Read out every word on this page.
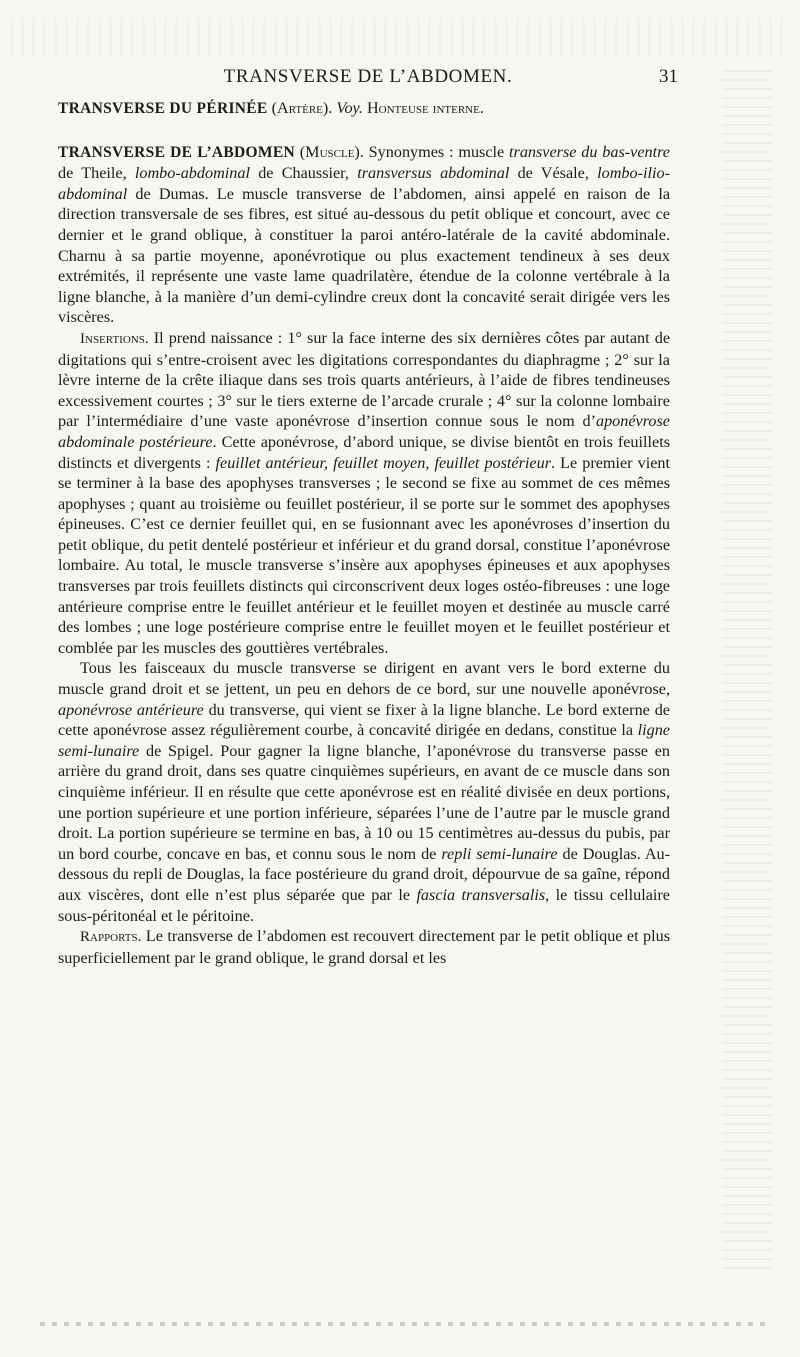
TRANSVERSE DE L’ABDOMEN.	31

TRANSVERSE DU PÉRINÉE (Artère). Voy. Honteuse interne.

TRANSVERSE DE L’ABDOMEN (Muscle). Synonymes : muscle transverse du bas-ventre de Theile, lombo-abdominal de Chaussier, transversus abdominal de Vésale, lombo-ilio-abdominal de Dumas. Le muscle transverse de l’abdomen, ainsi appelé en raison de la direction transversale de ses fibres, est situé au-dessous du petit oblique et concourt, avec ce dernier et le grand oblique, à constituer la paroi antéro-latérale de la cavité abdominale. Charnu à sa partie moyenne, aponévrotique ou plus exactement tendineux à ses deux extrémités, il représente une vaste lame quadrilatère, étendue de la colonne vertébrale à la ligne blanche, à la manière d’un demi-cylindre creux dont la concavité serait dirigée vers les viscères.

Insertions. Il prend naissance : 1° sur la face interne des six dernières côtes par autant de digitations qui s’entre-croisent avec les digitations correspondantes du diaphragme ; 2° sur la lèvre interne de la crête iliaque dans ses trois quarts antérieurs, à l’aide de fibres tendineuses excessivement courtes ; 3° sur le tiers externe de l’arcade crurale ; 4° sur la colonne lombaire par l’intermédiaire d’une vaste aponévrose d’insertion connue sous le nom d’aponévrose abdominale postérieure. Cette aponévrose, d’abord unique, se divise bientôt en trois feuillets distincts et divergents : feuillet antérieur, feuillet moyen, feuillet postérieur. Le premier vient se terminer à la base des apophyses transverses ; le second se fixe au sommet de ces mêmes apophyses ; quant au troisième ou feuillet postérieur, il se porte sur le sommet des apophyses épineuses. C’est ce dernier feuillet qui, en se fusionnant avec les aponévroses d’insertion du petit oblique, du petit dentelé postérieur et inférieur et du grand dorsal, constitue l’aponévrose lombaire. Au total, le muscle transverse s’insère aux apophyses épineuses et aux apophyses transverses par trois feuillets distincts qui circonscrivent deux loges ostéo-fibreuses : une loge antérieure comprise entre le feuillet antérieur et le feuillet moyen et destinée au muscle carré des lombes ; une loge postérieure comprise entre le feuillet moyen et le feuillet postérieur et comblée par les muscles des gouttières vertébrales.

Tous les faisceaux du muscle transverse se dirigent en avant vers le bord externe du muscle grand droit et se jettent, un peu en dehors de ce bord, sur une nouvelle aponévrose, aponévrose antérieure du transverse, qui vient se fixer à la ligne blanche. Le bord externe de cette aponévrose assez régulièrement courbe, à concavité dirigée en dedans, constitue la ligne semi-lunaire de Spigel. Pour gagner la ligne blanche, l’aponévrose du transverse passe en arrière du grand droit, dans ses quatre cinquièmes supérieurs, en avant de ce muscle dans son cinquième inférieur. Il en résulte que cette aponévrose est en réalité divisée en deux portions, une portion supérieure et une portion inférieure, séparées l’une de l’autre par le muscle grand droit. La portion supérieure se termine en bas, à 10 ou 15 centimètres au-dessus du pubis, par un bord courbe, concave en bas, et connu sous le nom de repli semi-lunaire de Douglas. Au-dessous du repli de Douglas, la face postérieure du grand droit, dépourvue de sa gaîne, répond aux viscères, dont elle n’est plus séparée que par le fascia transversalis, le tissu cellulaire sous-péritonéal et le péritoine.

Rapports. Le transverse de l’abdomen est recouvert directement par le petit oblique et plus superficiellement par le grand oblique, le grand dorsal et les
